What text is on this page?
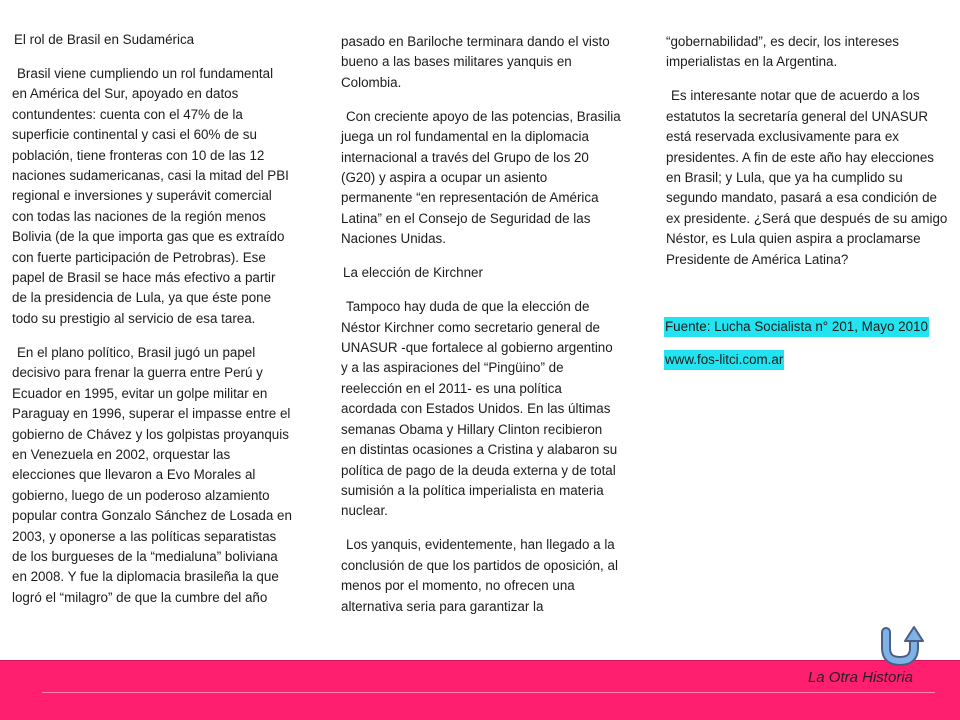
El rol de Brasil en Sudamérica

Brasil viene cumpliendo un rol fundamental
en América del Sur, apoyado en datos
contundentes: cuenta con el 47% de la
superficie continental y casi el 60% de su
población, tiene fronteras con 10 de las 12
naciones sudamericanas, casi la mitad del PBI
regional e inversiones y superávit comercial
con todas las naciones de la región menos
Bolivia (de la que importa gas que es extraído
con fuerte participación de Petrobras). Ese
papel de Brasil se hace más efectivo a partir
de la presidencia de Lula, ya que éste pone
todo su prestigio al servicio de esa tarea.

En el plano político, Brasil jugó un papel
decisivo para frenar la guerra entre Perú y
Ecuador en 1995, evitar un golpe militar en
Paraguay en 1996, superar el impasse entre el
gobierno de Chávez y los golpistas proyanquis
en Venezuela en 2002, orquestar las
elecciones que llevaron a Evo Morales al
gobierno, luego de un poderoso alzamiento
popular contra Gonzalo Sánchez de Losada en
2003, y oponerse a las políticas separatistas
de los burgueses de la “medialuna” boliviana
en 2008. Y fue la diplomacia brasileña la que
logró el “milagro” de que la cumbre del año

pasado en Bariloche terminara dando el visto
bueno a las bases militares yanquis en
Colombia.

Con creciente apoyo de las potencias, Brasilia
juega un rol fundamental en la diplomacia
internacional a través del Grupo de los 20
(G20) y aspira a ocupar un asiento
permanente “en representación de América
Latina” en el Consejo de Seguridad de las
Naciones Unidas.

La elección de Kirchner

Tampoco hay duda de que la elección de
Néstor Kirchner como secretario general de
UNASUR -que fortalece al gobierno argentino
y a las aspiraciones del “Pingüino” de
reelección en el 2011- es una política
acordada con Estados Unidos. En las últimas
semanas Obama y Hillary Clinton recibieron
en distintas ocasiones a Cristina y alabaron su
política de pago de la deuda externa y de total
sumisión a la política imperialista en materia
nuclear.

Los yanquis, evidentemente, han llegado a la
conclusión de que los partidos de oposición, al
menos por el momento, no ofrecen una
alternativa seria para garantizar la

“gobernabilidad”, es decir, los intereses
imperialistas en la Argentina.

Es interesante notar que de acuerdo a los
estatutos la secretaría general del UNASUR
está reservada exclusivamente para ex
presidentes. A fin de este año hay elecciones
en Brasil; y Lula, que ya ha cumplido su
segundo mandato, pasará a esa condición de
ex presidente. ¿Será que después de su amigo
Néstor, es Lula quien aspira a proclamarse
Presidente de América Latina?

Fuente: Lucha Socialista n° 201, Mayo 2010
www.fos-litci.com.ar
La Otra Historia
